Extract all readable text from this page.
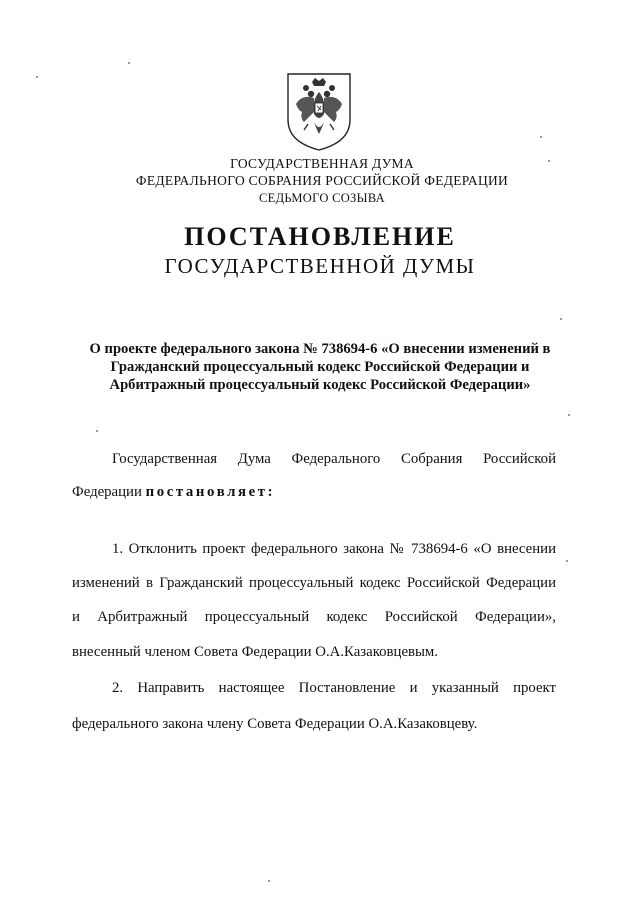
ГОСУДАРСТВЕННАЯ ДУМА
ФЕДЕРАЛЬНОГО СОБРАНИЯ РОССИЙСКОЙ ФЕДЕРАЦИИ
СЕДЬМОГО СОЗЫВА
ПОСТАНОВЛЕНИЕ
ГОСУДАРСТВЕННОЙ ДУМЫ
О проекте федерального закона № 738694-6 «О внесении изменений в
Гражданский процессуальный кодекс Российской Федерации и
Арбитражный процессуальный кодекс Российской Федерации»
Государственная Дума Федерального Собрания Российской
Федерации постановляет:
1. Отклонить проект федерального закона № 738694-6 «О внесении
изменений в Гражданский процессуальный кодекс Российской Федерации
и Арбитражный процессуальный кодекс Российской Федерации»,
внесенный членом Совета Федерации О.А.Казаковцевым.
2. Направить настоящее Постановление и указанный проект
федерального закона члену Совета Федерации О.А.Казаковцеву.
